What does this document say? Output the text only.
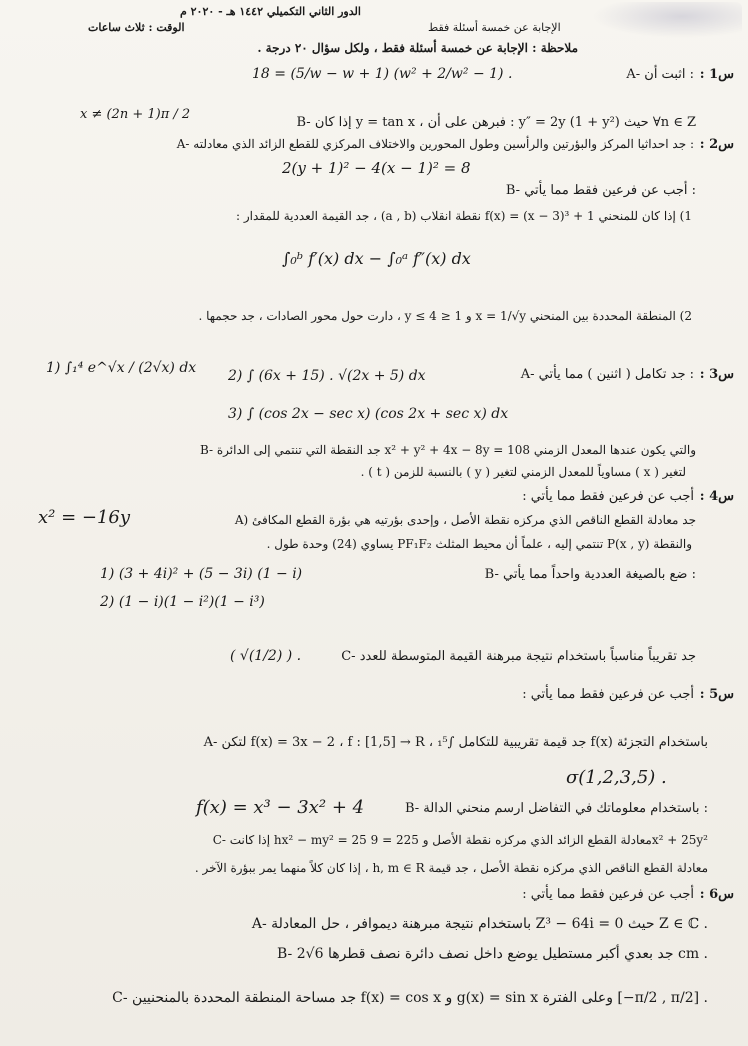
الدور الثاني التكميلي ١٤٤٢ هـ - ٢٠٢٠ م
الوقت : ثلاث ساعات	الإجابة عن خمسة أسئلة فقط
ملاحظة : الإجابة عن خمسة أسئلة فقط ، ولكل سؤال ٢٠ درجة .
س1 :
A- اثبت أن :
18 = (5/w − w + 1) (w² + 2/w² − 1) .
B- إذا كان y = tan x ، فبرهن على أن : y″ = 2y (1 + y²) حيث ∀n ∈ Z
x ≠ (2n + 1)π / 2
س2 :
A- جد احداثيا المركز والبؤرتين والرأسين وطول المحورين والاختلاف المركزي للقطع الزائد الذي معادلته :
2(y + 1)² − 4(x − 1)² = 8
B- أجب عن فرعين فقط مما يأتي :
1) إذا كان للمنحني f(x) = (x − 3)³ + 1 نقطة انقلاب (a , b) ، جد القيمة العددية للمقدار :
∫₀ᵇ f′(x) dx − ∫₀ᵃ f″(x) dx
2) المنطقة المحددة بين المنحني x = 1/√y و 1 ≤ y ≤ 4 ، دارت حول محور الصادات ، جد حجمها .
س3 :
A- جد تكامل ( اثنين ) مما يأتي :
1) ∫₁⁴ e^√x / (2√x) dx 2) ∫ (6x + 15) . √(2x + 5) dx
3) ∫ (cos 2x − sec x) (cos 2x + sec x) dx
B- جد النقطة التي تنتمي إلى الدائرة x² + y² + 4x − 8y = 108 والتي يكون عندها المعدل الزمني
لتغير ( x ) مساوياً للمعدل الزمني لتغير ( y ) بالنسبة للزمن ( t ) .
س4 :
أجب عن فرعين فقط مما يأتي :
A) جد معادلة القطع الناقص الذي مركزه نقطة الأصل ، وإحدى بؤرتيه هي بؤرة القطع المكافئ
x² = −16y
والنقطة P(x , y) تنتمي إليه ، علماً أن محيط المثلث PF₁F₂ يساوي (24) وحدة طول .
B- ضع بالصيغة العددية واحداً مما يأتي :
1) (3 + 4i)² + (5 − 3i) (1 − i)
2) (1 − i)(1 − i²)(1 − i³)
C- جد تقريباً مناسباً باستخدام نتيجة مبرهنة القيمة المتوسطة للعدد
( √(1/2) ) .
س5 :
أجب عن فرعين فقط مما يأتي :
A- لتكن f(x) = 3x − 2 ، f : [1,5] → R ، جد قيمة تقريبية للتكامل ∫₁⁵ f(x) باستخدام التجزئة
σ(1,2,3,5) .
B- باستخدام معلوماتك في التفاضل ارسم منحني الدالة :
f(x) = x³ − 3x² + 4
C- إذا كانت hx² − my² = 25 معادلة القطع الزائد الذي مركزه نقطة الأصل و 225 = 9x² + 25y²
معادلة القطع الناقص الذي مركزه نقطة الأصل ، جد قيمة h, m ∈ R ، إذا كان كلاً منهما يمر ببؤرة الآخر .
س6 :
أجب عن فرعين فقط مما يأتي :
A- باستخدام نتيجة مبرهنة ديموافر ، حل المعادلة Z³ − 64i = 0 حيث Z ∈ ℂ .
B- جد بعدي أكبر مستطيل يوضع داخل نصف دائرة نصف قطرها 6√2 cm .
C- جد مساحة المنطقة المحددة بالمنحنيين f(x) = cos x و g(x) = sin x وعلى الفترة [−π/2 , π/2] .
